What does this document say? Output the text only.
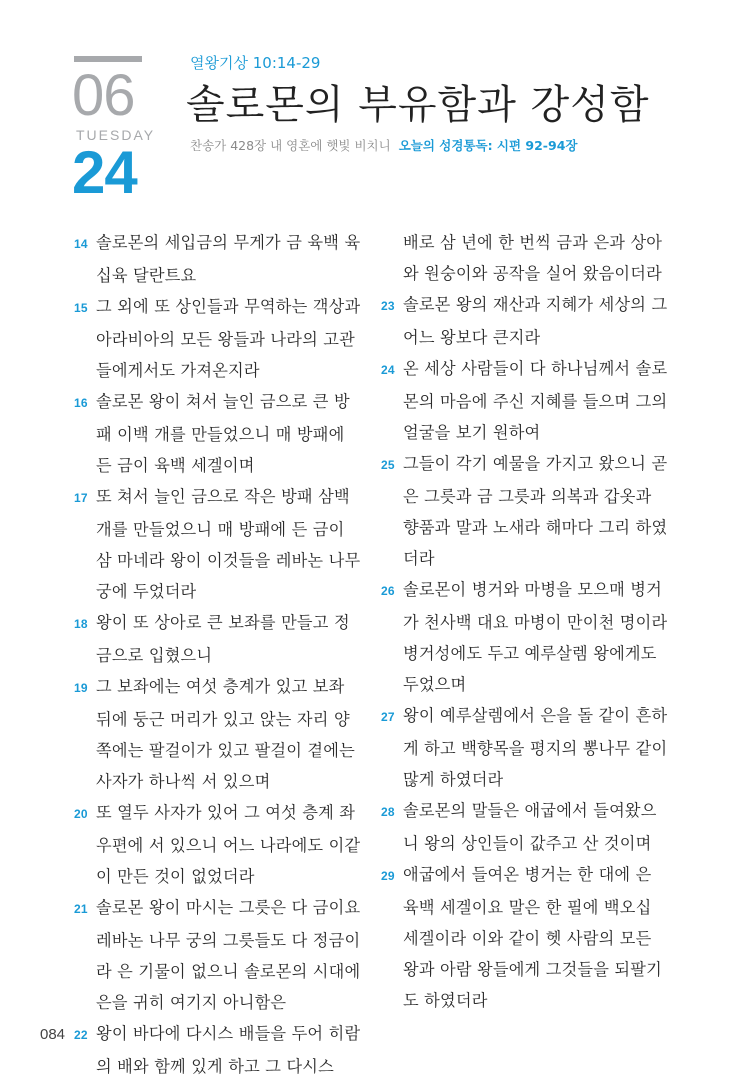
06
TUESDAY
24
열왕기상 10:14-29
솔로몬의 부유함과 강성함
찬송가 428장 내 영혼에 햇빛 비치니 오늘의 성경통독: 시편 92-94장

14 솔로몬의 세입금의 무게가 금 육백 육십육 달란트요

15 그 외에 또 상인들과 무역하는 객상과 아라비아의 모든 왕들과 나라의 고관들에게서도 가져온지라

16 솔로몬 왕이 쳐서 늘인 금으로 큰 방패 이백 개를 만들었으니 매 방패에 든 금이 육백 세겔이며

17 또 쳐서 늘인 금으로 작은 방패 삼백 개를 만들었으니 매 방패에 든 금이 삼 마네라 왕이 이것들을 레바논 나무 궁에 두었더라

18 왕이 또 상아로 큰 보좌를 만들고 정금으로 입혔으니

19 그 보좌에는 여섯 층계가 있고 보좌 뒤에 둥근 머리가 있고 앉는 자리 양쪽에는 팔걸이가 있고 팔걸이 곁에는 사자가 하나씩 서 있으며

20 또 열두 사자가 있어 그 여섯 층계 좌우편에 서 있으니 어느 나라에도 이같이 만든 것이 없었더라

21 솔로몬 왕이 마시는 그릇은 다 금이요 레바논 나무 궁의 그릇들도 다 정금이라 은 기물이 없으니 솔로몬의 시대에 은을 귀히 여기지 아니함은

22 왕이 바다에 다시스 배들을 두어 히람의 배와 함께 있게 하고 그 다시스

배로 삼 년에 한 번씩 금과 은과 상아와 원숭이와 공작을 실어 왔음이더라

23 솔로몬 왕의 재산과 지혜가 세상의 그 어느 왕보다 큰지라

24 온 세상 사람들이 다 하나님께서 솔로몬의 마음에 주신 지혜를 들으며 그의 얼굴을 보기 원하여

25 그들이 각기 예물을 가지고 왔으니 곧 은 그릇과 금 그릇과 의복과 갑옷과 향품과 말과 노새라 해마다 그리 하였더라

26 솔로몬이 병거와 마병을 모으매 병거가 천사백 대요 마병이 만이천 명이라 병거성에도 두고 예루살렘 왕에게도 두었으며

27 왕이 예루살렘에서 은을 돌 같이 흔하게 하고 백향목을 평지의 뽕나무 같이 많게 하였더라

28 솔로몬의 말들은 애굽에서 들여왔으니 왕의 상인들이 값주고 산 것이며

29 애굽에서 들여온 병거는 한 대에 은 육백 세겔이요 말은 한 필에 백오십 세겔이라 이와 같이 헷 사람의 모든 왕과 아람 왕들에게 그것들을 되팔기도 하였더라

084
